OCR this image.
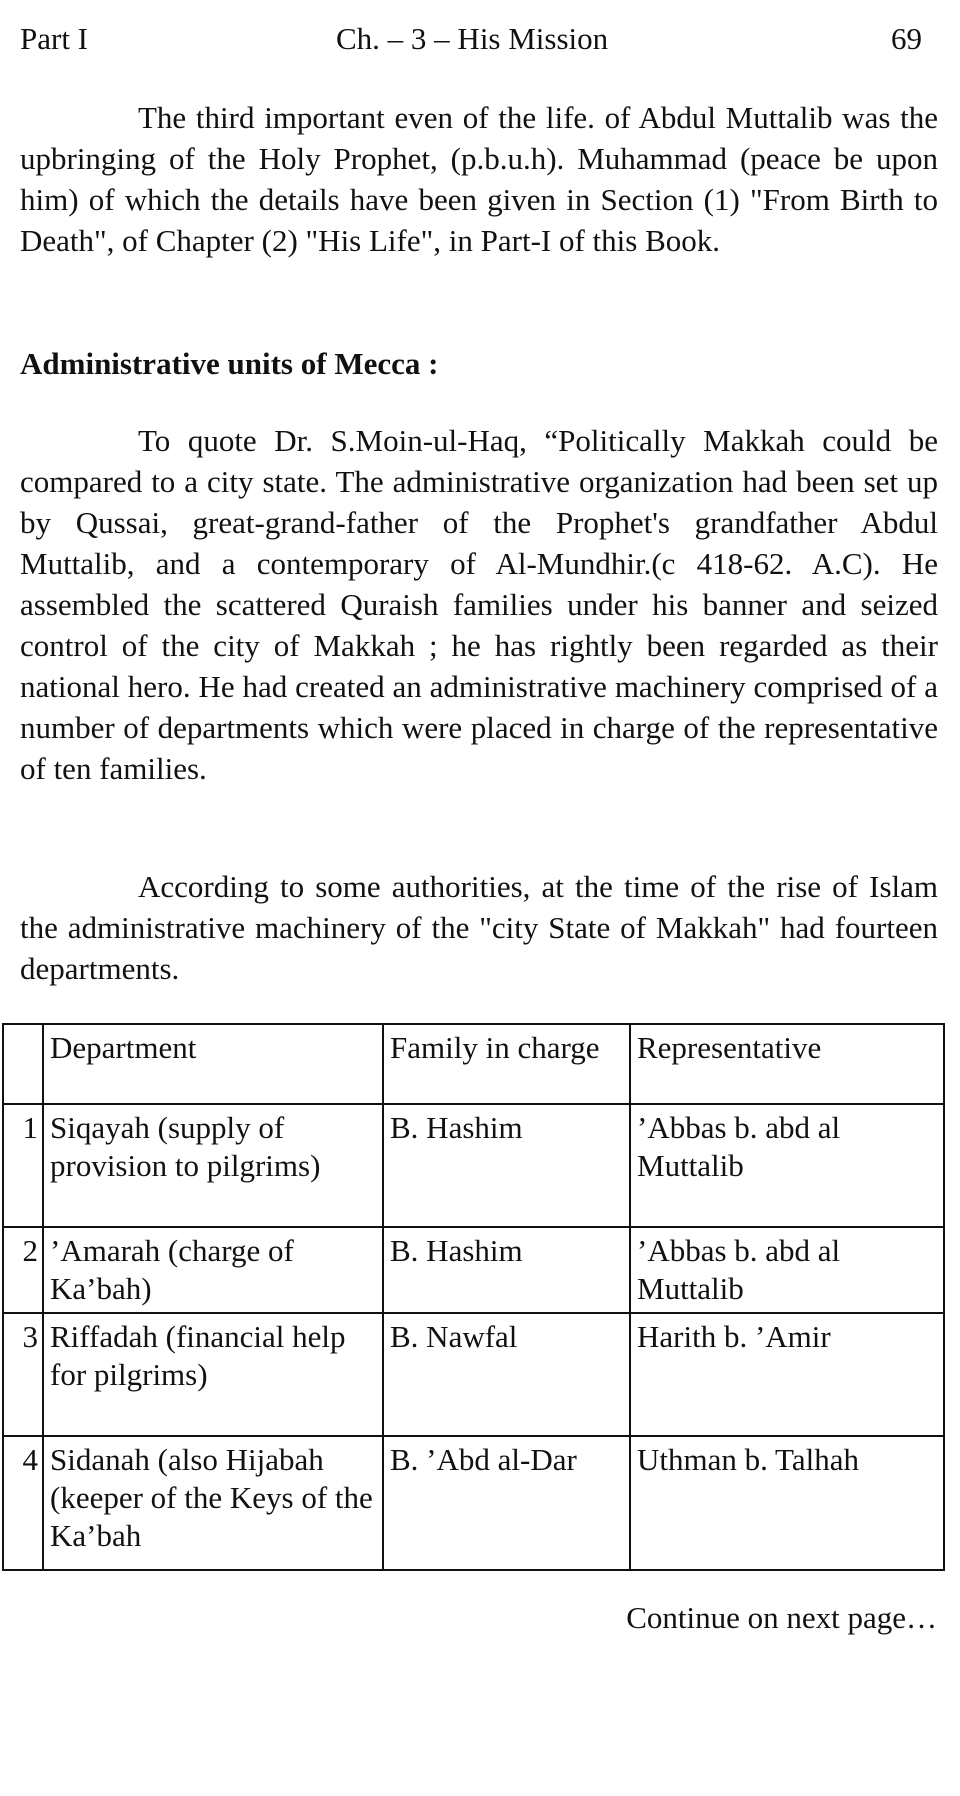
Part I	Ch. – 3 – His Mission	69

The third important even of the life. of Abdul Muttalib was the upbringing of the Holy Prophet, (p.b.u.h). Muhammad (peace be upon him) of which the details have been given in Section (1) "From Birth to Death", of Chapter (2) "His Life", in Part-I of this Book.

Administrative units of Mecca :

To quote Dr. S.Moin-ul-Haq, “Politically Makkah could be compared to a city state. The administrative organization had been set up by Qussai, great-grand-father of the Prophet's grandfather Abdul Muttalib, and a contemporary of Al-Mundhir.(c 418-62. A.C). He assembled the scattered Quraish families under his banner and seized control of the city of Makkah ; he has rightly been regarded as their national hero. He had created an administrative machinery comprised of a number of departments which were placed in charge of the representative of ten families.

According to some authorities, at the time of the rise of Islam the administrative machinery of the "city State of Makkah" had fourteen departments.

	Department	Family in charge	Representative
1	Siqayah (supply of provision to pilgrims)	B. Hashim	’Abbas b. abd al Muttalib
2	’Amarah (charge of Ka’bah)	B. Hashim	’Abbas b. abd al Muttalib
3	Riffadah (financial help for pilgrims)	B. Nawfal	Harith b. ’Amir
4	Sidanah (also Hijabah (keeper of the Keys of the Ka’bah	B. ’Abd al-Dar	Uthman b. Talhah
Continue on next page…
